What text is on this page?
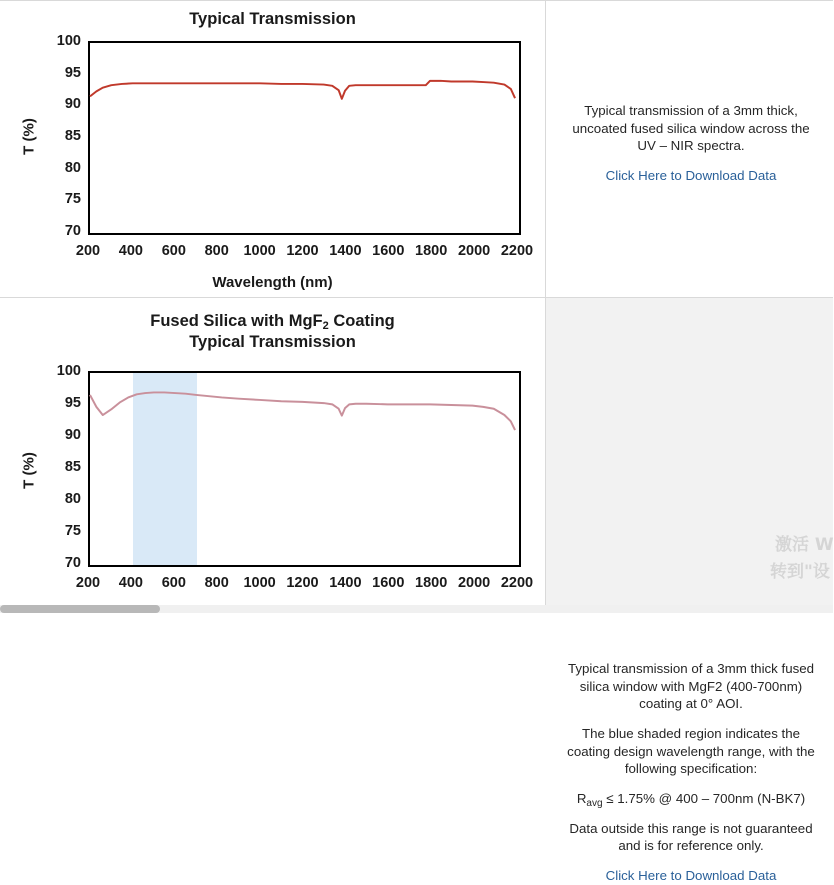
Typical transmission of a 3mm thick, uncoated fused silica window across the UV – NIR spectra.

Click Here to Download Data

Typical transmission of a 3mm thick fused silica window with MgF2 (400-700nm) coating at 0° AOI.

The blue shaded region indicates the coating design wavelength range, with the following specification:

$R_{avg} \le 1.75\%$ @ 400 – 700nm (N-BK7)

Data outside this range is not guaranteed and is for reference only.

Click Here to Download Data

Typical Transmission
Fused Silica with MgF$_2$ Coating
Typical Transmission
70
75
80
85
90
95
100
200 400 600 800 1000 1200 1400 1600 1800 2000 2200
T (%)
Wavelength (nm)
70
75
80
85
90
95
100
200 400 600 800 1000 1200 1400 1600 1800 2000 2200
T (%)
激活 W
转到"设
